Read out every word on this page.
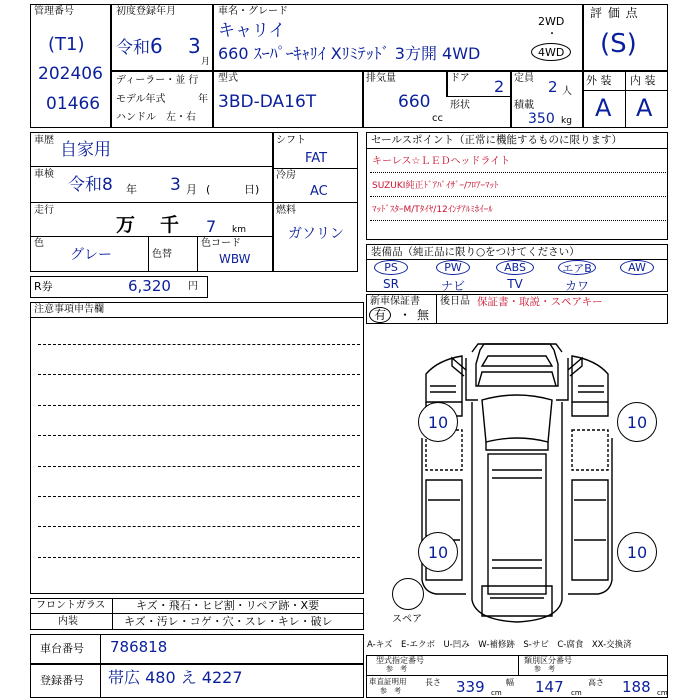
管理番号
(T1)
202406
01466
初度登録年月
令和 6 3
月
車名・グレード
キャリイ
660 ｽｰﾊﾟｰｷｬﾘｲ Xﾘﾐﾃｯﾄﾞ 3方開 4WD
2WD
・
4WD
評 価 点
(S)
ディーラー・並 行
モデル年式	年
ハンドル　左・右
型式
3BD-DA16T
排気量
660
cc
ドア 2
形状
定員 2 人
積載
350 kg
外 装 内 装
A A
車歴 自家用
車検
令和8 年 3 月 (	日)
走行
万 千 7 km
色
グレー	色替
色コード
WBW
シフト
FAT
冷房
AC
燃料
ガソリン
セールスポイント（正常に機能するものに限ります）
キーレス☆ＬＥＤヘッドライト
SUZUKI純正ﾄﾞｱﾊﾞｲｻﾞｰ/ﾌﾛｱｰﾏｯﾄ
ﾏｯﾄﾞｽﾀｰM/Tﾀｲﾔ/12ｲﾝﾁｱﾙﾐﾎｲｰﾙ
装備品（純正品に限り○をつけてください）
PS	PW	ABS	エアB	AW
SR	ナビ	TV	カワ
R券	6,320 円
新車保証書
有 ・ 無
後日品 保証書・取説・スペアキー
注意事項申告欄
10	10
10	10
スペア
フロントガラス	キズ・飛石・ヒビ割・リペア跡・X要
内装	キズ・汚レ・コゲ・穴・スレ・キレ・破レ
車台番号 786818
登録番号 帯広 480 え 4227
A-キズ　E-エクボ　U-凹み　W-補修跡　S-サビ　C-腐食　XX-交換済
型式指定番号
参　考
類別区分番号
参　考
車直証明用
参　考
長さ 339 cm
幅 147 cm
高さ 188 cm
